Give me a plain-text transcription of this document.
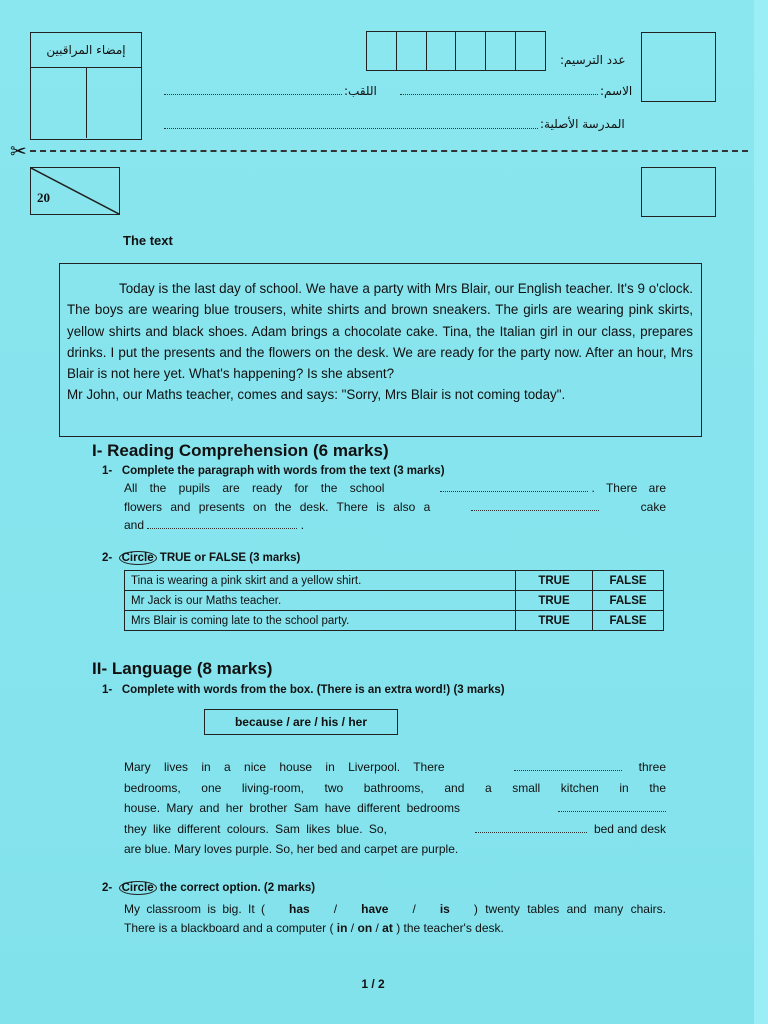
إمضاء المراقبين
عدد الترسيم:
اللقب:	الاسم:
المدرسة الأصلية:
✂
20
The text

Today is the last day of school. We have a party with Mrs Blair, our English teacher. It's 9 o'clock. The boys are wearing blue trousers, white shirts and brown sneakers. The girls are wearing pink skirts, yellow shirts and black shoes. Adam brings a chocolate cake. Tina, the Italian girl in our class, prepares drinks. I put the presents and the flowers on the desk. We are ready for the party now. After an hour, Mrs Blair is not here yet. What's happening? Is she absent?

Mr John, our Maths teacher, comes and says: "Sorry, Mrs Blair is not coming today".

I- Reading Comprehension (6 marks)
1- Complete the paragraph with words from the text (3 marks)
All the pupils are ready for the school	. There are
flowers and presents on the desk. There is also a	cake
and	.
2- Circle TRUE or FALSE (3 marks)
Tina is wearing a pink skirt and a yellow shirt.	TRUE	FALSE
Mr Jack is our Maths teacher.	TRUE	FALSE
Mrs Blair is coming late to the school party.	TRUE	FALSE
II- Language (8 marks)
1- Complete with words from the box. (There is an extra word!) (3 marks)
because / are / his / her
Mary lives in a nice house in Liverpool. There	three
bedrooms, one living-room, two bathrooms, and a small kitchen in the
house. Mary and her brother Sam have different bedrooms
they like different colours. Sam likes blue. So,	bed and desk
are blue. Mary loves purple. So, her bed and carpet are purple.
2- Circle the correct option. (2 marks)
My classroom is big. It ( has / have / is ) twenty tables and many chairs.
There is a blackboard and a computer ( in / on / at ) the teacher's desk.
1 / 2
